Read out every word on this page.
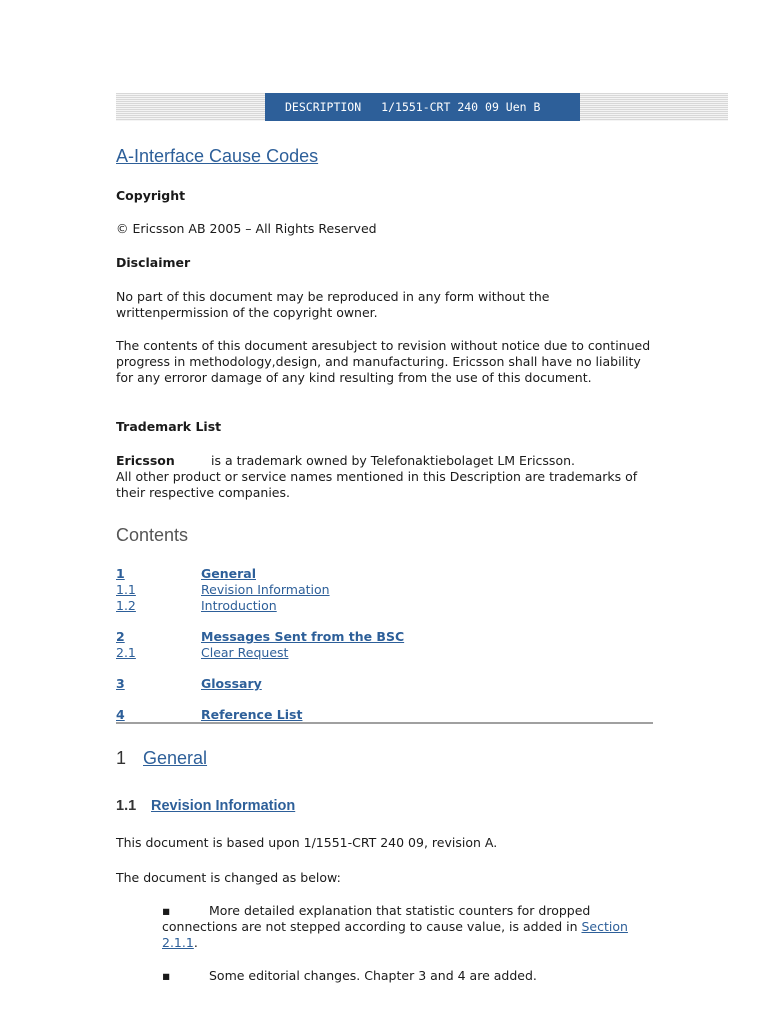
DESCRIPTION 1/1551-CRT 240 09 Uen B
A-Interface Cause Codes

Copyright

© Ericsson AB 2005 – All Rights Reserved

Disclaimer

No part of this document may be reproduced in any form without the writtenpermission of the copyright owner.

The contents of this document aresubject to revision without notice due to continued progress in methodology,design, and manufacturing. Ericsson shall have no liability for any erroror damage of any kind resulting from the use of this document.

Trademark List

Ericsson	is a trademark owned by Telefonaktiebolaget LM Ericsson.
All other product or service names mentioned in this Description are trademarks of their respective companies.
Contents
1	General
1.1	Revision Information
1.2	Introduction
2	Messages Sent from the BSC
2.1	Clear Request
3	Glossary
4	Reference List
1 General
1.1 Revision Information

This document is based upon 1/1551-CRT 240 09, revision A.

The document is changed as below:

▪	More detailed explanation that statistic counters for dropped connections are not stepped according to cause value, is added in Section 2.1.1.
▪	Some editorial changes. Chapter 3 and 4 are added.
